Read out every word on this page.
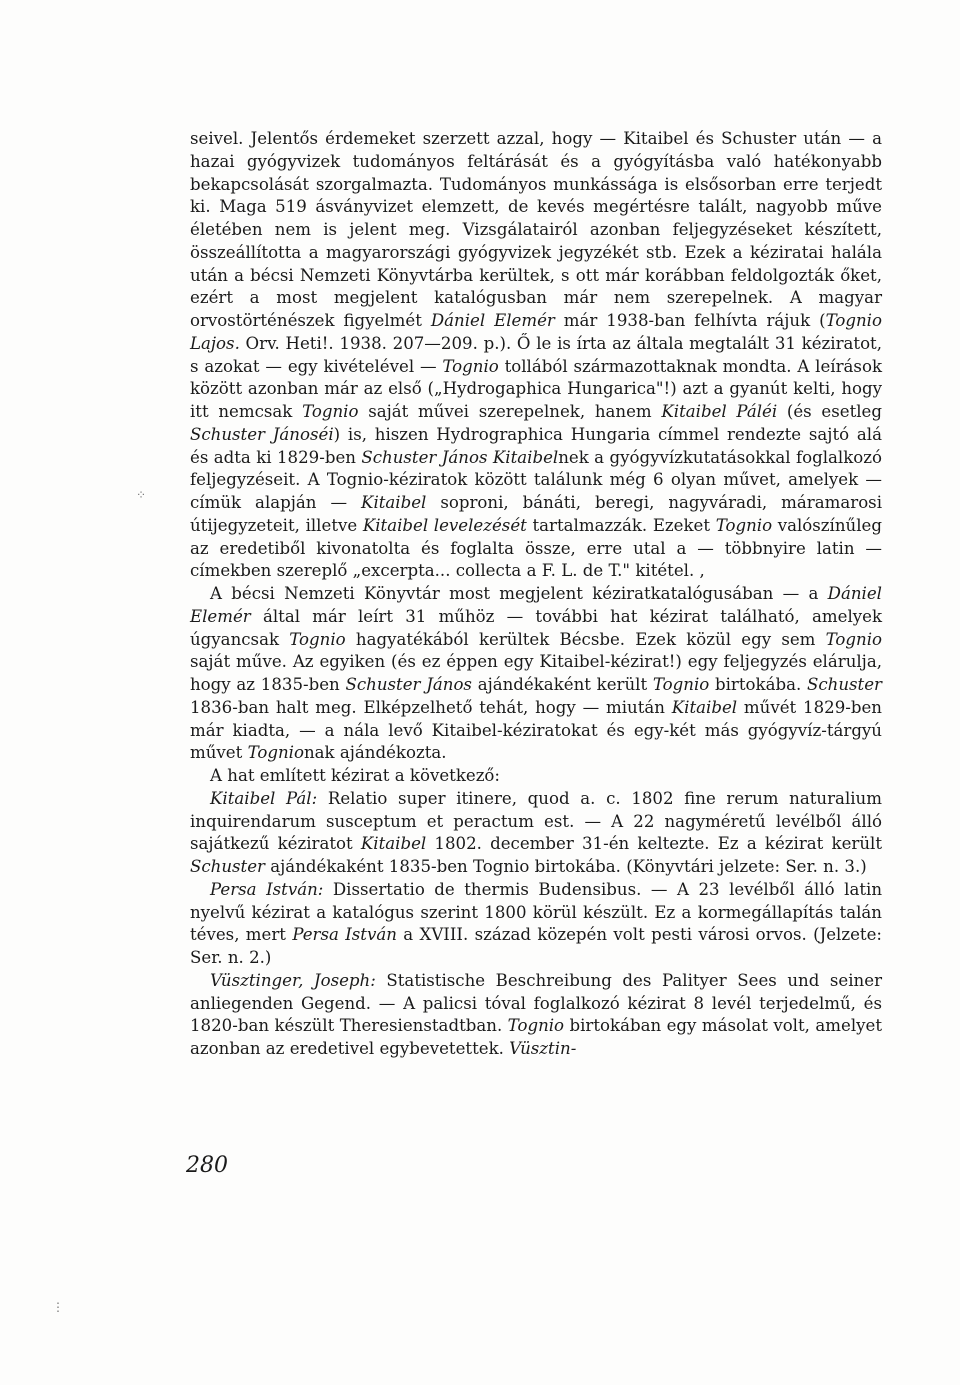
seivel. Jelentős érdemeket szerzett azzal, hogy — Kitaibel és Schuster után — a hazai gyógyvizek tudományos feltárását és a gyógyításba való hatékonyabb bekapcsolását szorgalmazta. Tudományos munkássága is elsősorban erre terjedt ki. Maga 519 ásványvizet elemzett, de kevés megértésre talált, nagyobb műve életében nem is jelent meg. Vizsgálatairól azonban feljegyzéseket készített, összeállította a magyarországi gyógyvizek jegyzékét stb. Ezek a kéziratai halála után a bécsi Nemzeti Könyvtárba kerültek, s ott már korábban feldolgozták őket, ezért a most megjelent katalógusban már nem szerepelnek. A magyar orvostörténészek figyelmét Dániel Elemér már 1938-ban felhívta rájuk (Tognio Lajos. Orv. Heti!. 1938. 207—209. p.). Ő le is írta az általa megtalált 31 kéziratot, s azokat — egy kivételével — Tognio tollából származottaknak mondta. A leírások között azonban már az első („Hydrogaphica Hungarica"!) azt a gyanút kelti, hogy itt nemcsak Tognio saját művei szerepelnek, hanem Kitaibel Páléi (és esetleg Schuster Jánoséi) is, hiszen Hydrographica Hungaria címmel rendezte sajtó alá és adta ki 1829-ben Schuster János Kitaibelnek a gyógyvízkutatásokkal foglalkozó feljegyzéseit. A Tognio-kéziratok között találunk még 6 olyan művet, amelyek — címük alapján — Kitaibel soproni, bánáti, beregi, nagyváradi, máramarosi útijegyzeteit, illetve Kitaibel levelezését tartalmazzák. Ezeket Tognio valószínűleg az eredetiből kivonatolta és foglalta össze, erre utal a — többnyire latin — címekben szereplő „excerpta... collecta a F. L. de T." kitétel. ,

A bécsi Nemzeti Könyvtár most megjelent kéziratkatalógusában — a Dániel Elemér által már leírt 31 műhöz — további hat kézirat található, amelyek úgyancsak Tognio hagyatékából kerültek Bécsbe. Ezek közül egy sem Tognio saját műve. Az egyiken (és ez éppen egy Kitaibel-kézirat!) egy feljegyzés elárulja, hogy az 1835-ben Schuster János ajándékaként került Tognio birtokába. Schuster 1836-ban halt meg. Elképzelhető tehát, hogy — miután Kitaibel művét 1829-ben már kiadta, — a nála levő Kitaibel-kéziratokat és egy-két más gyógyvíz-tárgyú művet Tognionak ajándékozta.

A hat említett kézirat a következő:

Kitaibel Pál: Relatio super itinere, quod a. c. 1802 fine rerum naturalium inquirendarum susceptum et peractum est. — A 22 nagyméretű levélből álló sajátkezű kéziratot Kitaibel 1802. december 31-én keltezte. Ez a kézirat került Schuster ajándékaként 1835-ben Tognio birtokába. (Könyvtári jelzete: Ser. n. 3.)

Persa István: Dissertatio de thermis Budensibus. — A 23 levélből álló latin nyelvű kézirat a katalógus szerint 1800 körül készült. Ez a kormegállapítás talán téves, mert Persa István a XVIII. század közepén volt pesti városi orvos. (Jelzete: Ser. n. 2.)

Vüsztinger, Joseph: Statistische Beschreibung des Palityer Sees und seiner anliegenden Gegend. — A palicsi tóval foglalkozó kézirat 8 levél terjedelmű, és 1820-ban készült Theresienstadtban. Tognio birtokában egy másolat volt, amelyet azonban az eredetivel egybevetettek. Vüsztin-

280
⁘
⋮
